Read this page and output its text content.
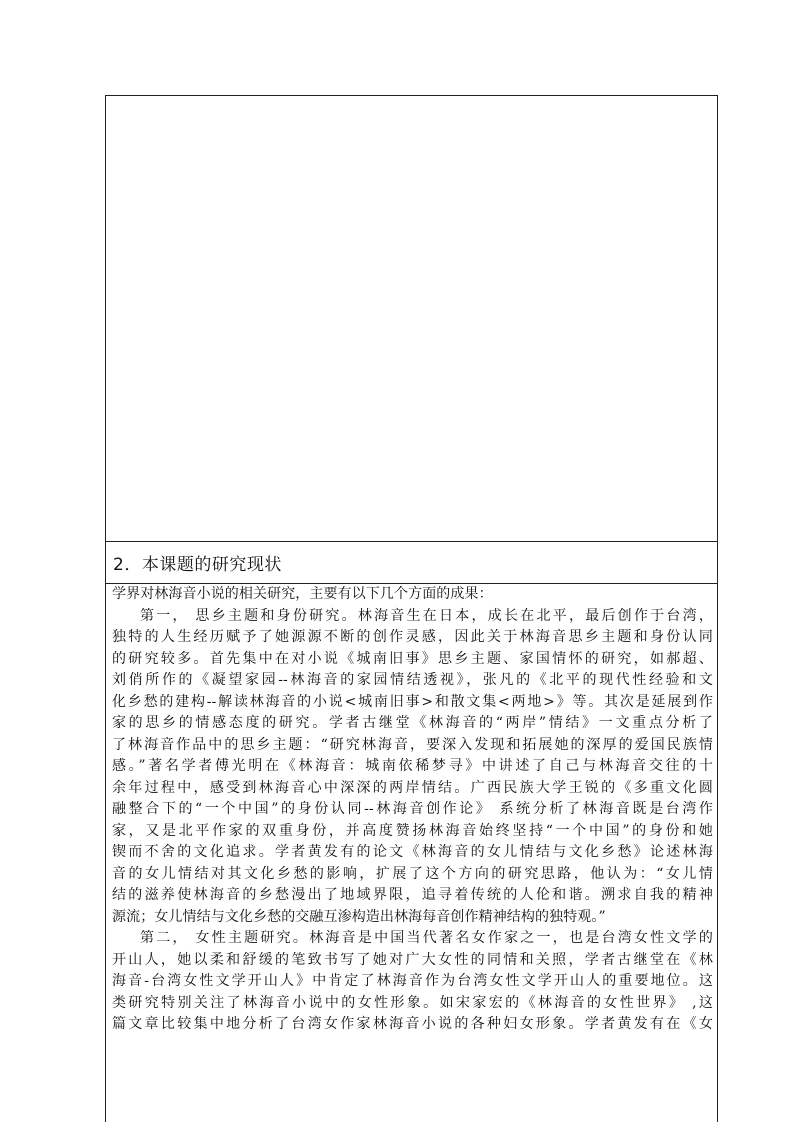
2．本课题的研究现状
学界对林海音小说的相关研究，主要有以下几个方面的成果：
第一， 思乡主题和身份研究。林海音生在日本，成长在北平，最后创作于台湾，
独特的人生经历赋予了她源源不断的创作灵感，因此关于林海音思乡主题和身份认同
的研究较多。首先集中在对小说《城南旧事》思乡主题、家国情怀的研究，如郝超、
刘俏所作的《凝望家园--林海音的家园情结透视》，张凡的《北平的现代性经验和文
化乡愁的建构--解读林海音的小说<城南旧事>和散文集<两地>》等。其次是延展到作
家的思乡的情感态度的研究。学者古继堂《林海音的“两岸”情结》一文重点分析了
了林海音作品中的思乡主题：“研究林海音，要深入发现和拓展她的深厚的爱国民族情
感。”著名学者傅光明在《林海音：城南依稀梦寻》中讲述了自己与林海音交往的十
余年过程中，感受到林海音心中深深的两岸情结。广西民族大学王锐的《多重文化圆
融整合下的“一个中国”的身份认同--林海音创作论》 系统分析了林海音既是台湾作
家，又是北平作家的双重身份，并高度赞扬林海音始终坚持“一个中国”的身份和她
锲而不舍的文化追求。学者黄发有的论文《林海音的女儿情结与文化乡愁》论述林海
音的女儿情结对其文化乡愁的影响，扩展了这个方向的研究思路，他认为：“女儿情
结的滋养使林海音的乡愁漫出了地域界限，追寻着传统的人伦和谐。溯求自我的精神
源流；女儿情结与文化乡愁的交融互渗构造出林海每音创作精神结构的独特观。”
第二， 女性主题研究。林海音是中国当代著名女作家之一，也是台湾女性文学的
开山人，她以柔和舒缓的笔致书写了她对广大女性的同情和关照，学者古继堂在《林
海音-台湾女性文学开山人》中肯定了林海音作为台湾女性文学开山人的重要地位。这
类研究特别关注了林海音小说中的女性形象。如宋家宏的《林海音的女性世界》 ,这
篇文章比较集中地分析了台湾女作家林海音小说的各种妇女形象。学者黄发有在《女
